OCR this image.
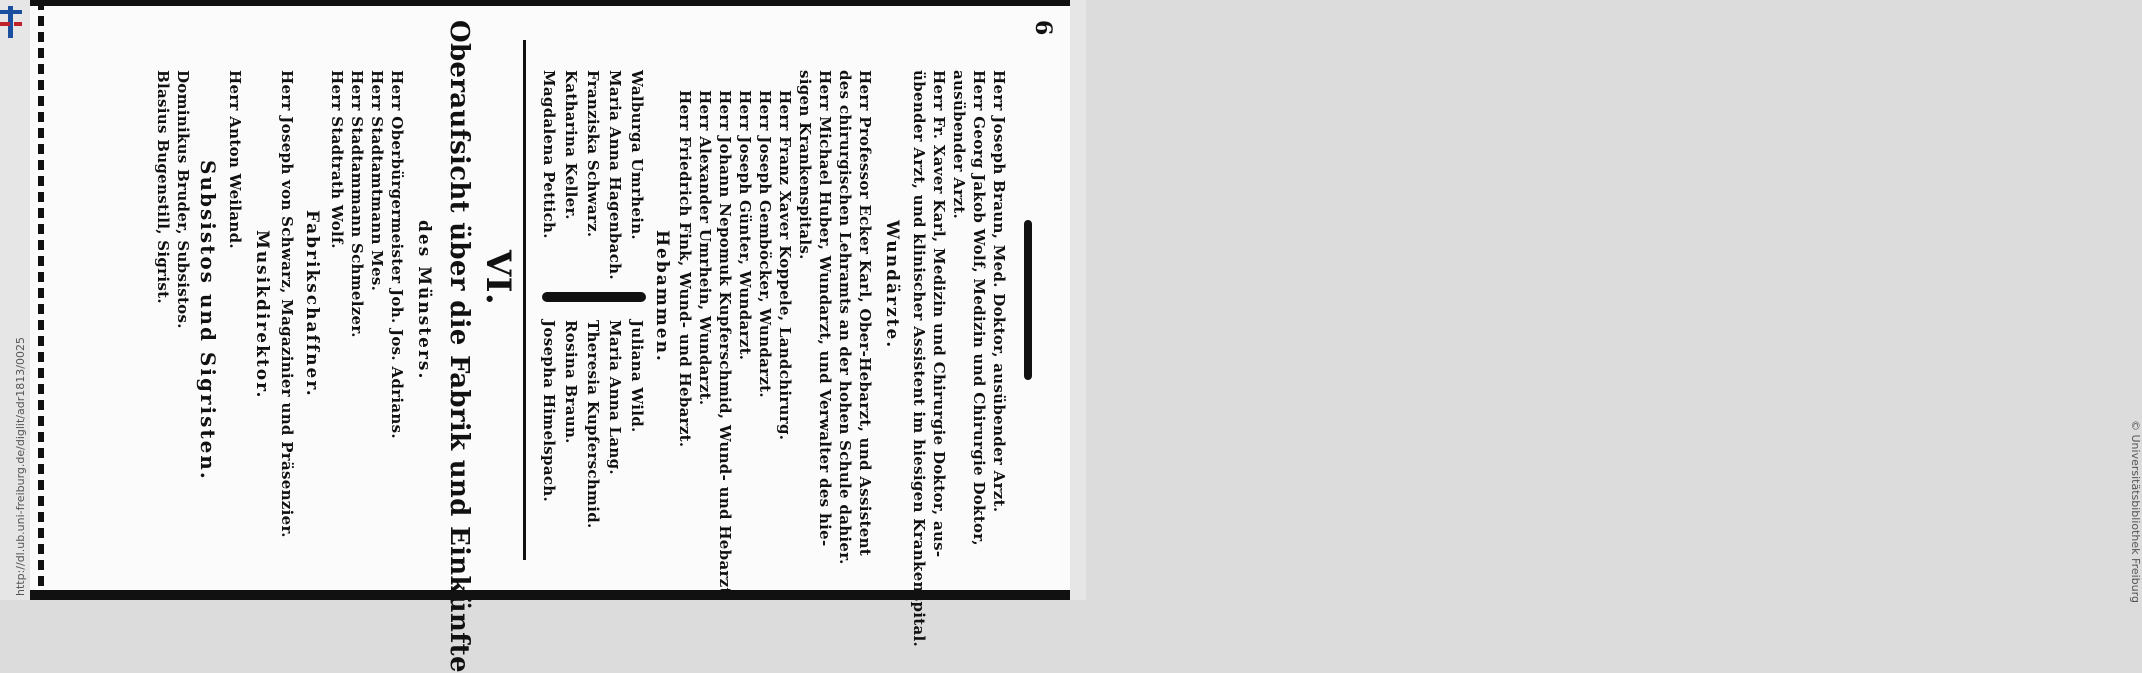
http://dl.ub.uni-freiburg.de/diglit/adr1813/0025
6
Herr Joseph Braun, Med. Doktor, ausübender Arzt.
Herr Georg Jakob Wolf, Medizin und Chirurgie Doktor,
ausübender Arzt.
Herr Fr. Xaver Karl, Medizin und Chirurgie Doktor, aus-
übender Arzt, und klinischer Assistent im hiesigen Krankenspital.
Wundärzte.
Herr Professor Ecker Karl, Ober-Hebarzt, und Assistent
des chirurgischen Lehramts an der hohen Schule dahier.
Herr Michael Huber, Wundarzt, und Verwalter des hie-
sigen Krankenspitals.
Herr Franz Xaver Koppele, Landchirurg.
Herr Joseph Gemböcker, Wundarzt.
Herr Joseph Günter, Wundarzt.
Herr Johann Nepomuk Kupferschmid, Wund- und Hebarzt.
Herr Alexander Umrhein, Wundarzt.
Herr Friedrich Fink, Wund- und Hebarzt.
Hebammen.
Walburga Umrhein.
Maria Anna Hagenbach.
Franziska Schwarz.
Katharina Keller.
Magdalena Pettich.
Juliana Wild.
Maria Anna Lang.
Theresia Kupferschmid.
Rosina Braun.
Josepha Himelspach.
VI.
Oberaufsicht über die Fabrik und Einkünfte
des Münsters.
Herr Oberbürgermeister Joh. Jos. Adrians.
Herr Stadtamtmann Mes.
Herr Stadtammann Schmelzer.
Herr Stadtrath Wolf.
Fabrikschaffner.
Herr Joseph von Schwarz, Magazinier und Präsenzier.
Musikdirektor.
Herr Anton Weiland.
Subsistos und Sigristen.
Dominikus Bruder, Subsistos.
Blasius Bugenstill, Sigrist.
© Universitätsbibliothek Freiburg
